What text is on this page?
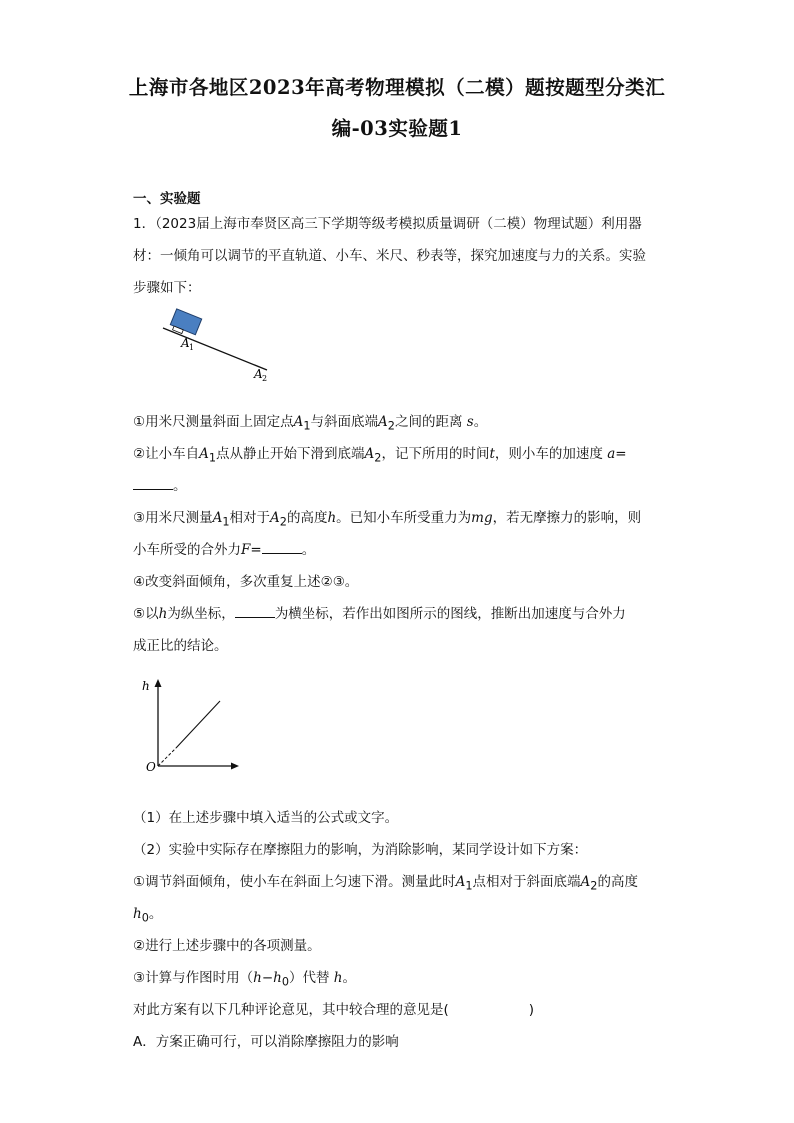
上海市各地区2023年高考物理模拟（二模）题按题型分类汇
编-03实验题1
一、实验题
1．（2023届上海市奉贤区高三下学期等级考模拟质量调研（二模）物理试题）利用器
材：一倾角可以调节的平直轨道、小车、米尺、秒表等，探究加速度与力的关系。实验
步骤如下：
A 1
A 2
①用米尺测量斜面上固定点$A_1$与斜面底端$A_2$之间的距离 s。
②让小车自$A_1$点从静止开始下滑到底端$A_2$，记下所用的时间t，则小车的加速度 a=
。
③用米尺测量$A_1$相对于$A_2$的高度h。已知小车所受重力为mg，若无摩擦力的影响，则
小车所受的合外力F=	。
④改变斜面倾角，多次重复上述②③。
⑤以h为纵坐标，	为横坐标，若作出如图所示的图线，推断出加速度与合外力
成正比的结论。
h
O
（1）在上述步骤中填入适当的公式或文字。
（2）实验中实际存在摩擦阻力的影响，为消除影响，某同学设计如下方案：
①调节斜面倾角，使小车在斜面上匀速下滑。测量此时$A_1$点相对于斜面底端$A_2$的高度
$h_0$。
②进行上述步骤中的各项测量。
③计算与作图时用$(h-h_0)$代替 h。
对此方案有以下几种评论意见，其中较合理的意见是(	)
A．方案正确可行，可以消除摩擦阻力的影响
